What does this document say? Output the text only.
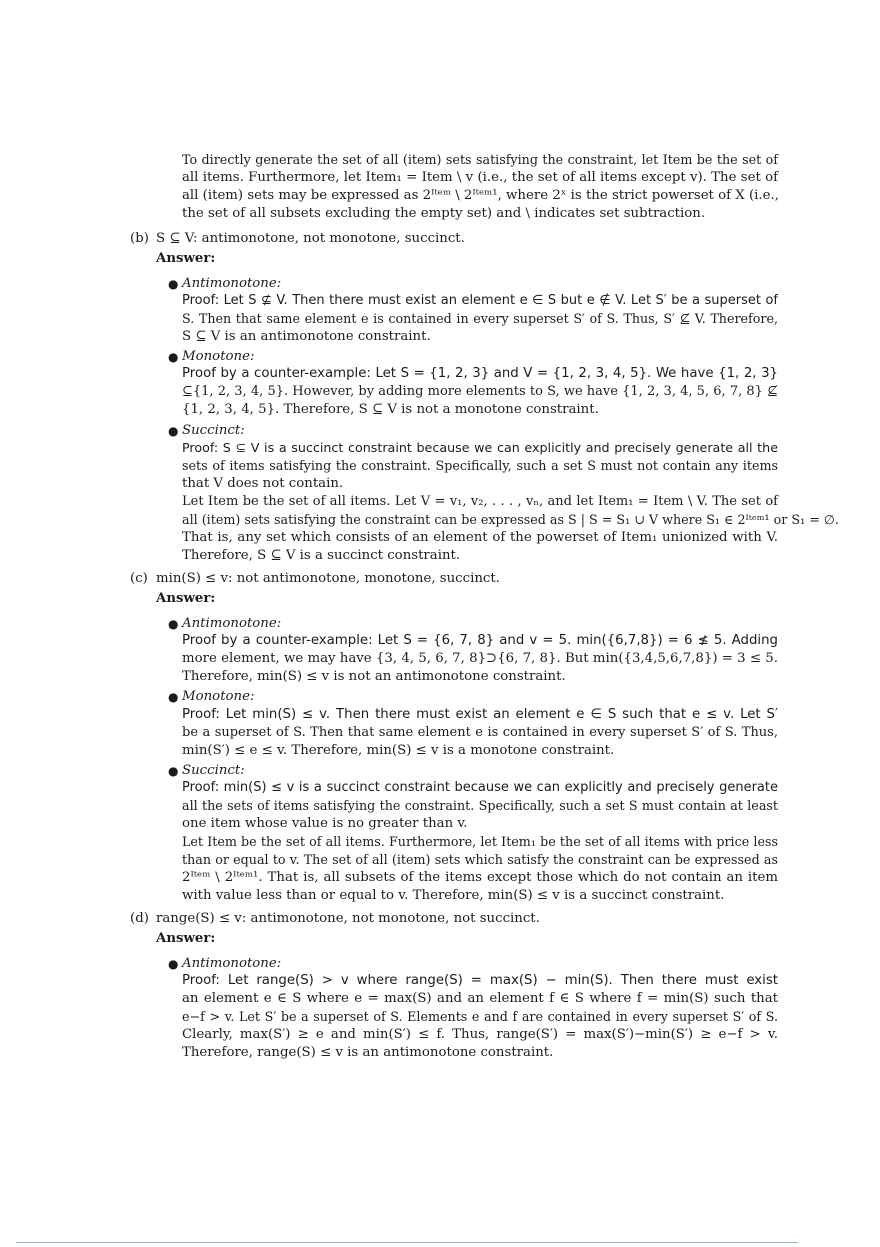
To directly generate the set of all (item) sets satisfying the constraint, let Item be the set of
all items. Furthermore, let Item₁ = Item \ v (i.e., the set of all items except v). The set of
all (item) sets may be expressed as 2ᴵᵗᵉᵐ \ 2ᴵᵗᵉᵐ¹, where 2ˣ is the strict powerset of X (i.e.,
the set of all subsets excluding the empty set) and \ indicates set subtraction.
(b) S ⊆ V: antimonotone, not monotone, succinct.
Answer:
● Antimonotone:
Proof: Let S ⊈ V. Then there must exist an element e ∈ S but e ∉ V. Let S′ be a superset of
S. Then that same element e is contained in every superset S′ of S. Thus, S′ ⊈ V. Therefore,
S ⊆ V is an antimonotone constraint.
● Monotone:
Proof by a counter-example: Let S = {1, 2, 3} and V = {1, 2, 3, 4, 5}. We have {1, 2, 3}
⊆{1, 2, 3, 4, 5}. However, by adding more elements to S, we have {1, 2, 3, 4, 5, 6, 7, 8} ⊈
{1, 2, 3, 4, 5}. Therefore, S ⊆ V is not a monotone constraint.
● Succinct:
Proof: S ⊆ V is a succinct constraint because we can explicitly and precisely generate all the
sets of items satisfying the constraint. Specifically, such a set S must not contain any items
that V does not contain.
Let Item be the set of all items. Let V = v₁, v₂, . . . , vₙ, and let Item₁ = Item \ V. The set of
all (item) sets satisfying the constraint can be expressed as S | S = S₁ ∪ V where S₁ ∈ 2ᴵᵗᵉᵐ¹ or S₁ = ∅.
That is, any set which consists of an element of the powerset of Item₁ unionized with V.
Therefore, S ⊆ V is a succinct constraint.
(c) min(S) ≤ v: not antimonotone, monotone, succinct.
Answer:
● Antimonotone:
Proof by a counter-example: Let S = {6, 7, 8} and v = 5. min({6,7,8}) = 6 ≰ 5. Adding
more element, we may have {3, 4, 5, 6, 7, 8}⊃{6, 7, 8}. But min({3,4,5,6,7,8}) = 3 ≤ 5.
Therefore, min(S) ≤ v is not an antimonotone constraint.
● Monotone:
Proof: Let min(S) ≤ v. Then there must exist an element e ∈ S such that e ≤ v. Let S′
be a superset of S. Then that same element e is contained in every superset S′ of S. Thus,
min(S′) ≤ e ≤ v. Therefore, min(S) ≤ v is a monotone constraint.
● Succinct:
Proof: min(S) ≤ v is a succinct constraint because we can explicitly and precisely generate
all the sets of items satisfying the constraint. Specifically, such a set S must contain at least
one item whose value is no greater than v.
Let Item be the set of all items. Furthermore, let Item₁ be the set of all items with price less
than or equal to v. The set of all (item) sets which satisfy the constraint can be expressed as
2ᴵᵗᵉᵐ \ 2ᴵᵗᵉᵐ¹. That is, all subsets of the items except those which do not contain an item
with value less than or equal to v. Therefore, min(S) ≤ v is a succinct constraint.
(d) range(S) ≤ v: antimonotone, not monotone, not succinct.
Answer:
● Antimonotone:
Proof: Let range(S) > v where range(S) = max(S) − min(S). Then there must exist
an element e ∈ S where e = max(S) and an element f ∈ S where f = min(S) such that
e−f > v. Let S′ be a superset of S. Elements e and f are contained in every superset S′ of S.
Clearly, max(S′) ≥ e and min(S′) ≤ f. Thus, range(S′) = max(S′)−min(S′) ≥ e−f > v.
Therefore, range(S) ≤ v is an antimonotone constraint.
